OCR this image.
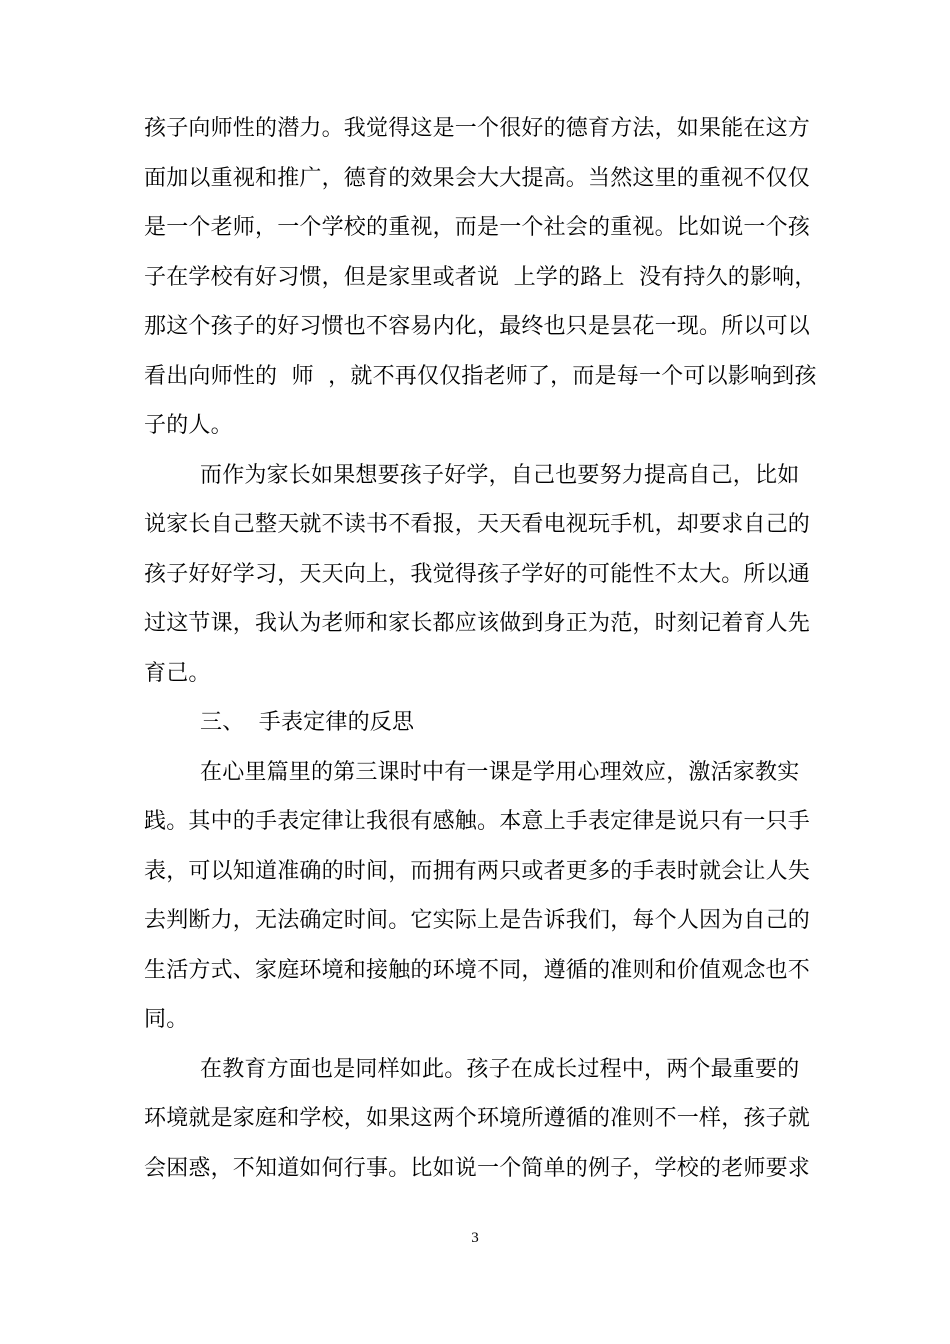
孩子向师性的潜力。我觉得这是一个很好的德育方法，如果能在这方
面加以重视和推广，德育的效果会大大提高。当然这里的重视不仅仅
是一个老师，一个学校的重视，而是一个社会的重视。比如说一个孩
子在学校有好习惯，但是家里或者说  上学的路上  没有持久的影响，
那这个孩子的好习惯也不容易内化，最终也只是昙花一现。所以可以
看出向师性的  师  ，就不再仅仅指老师了，而是每一个可以影响到孩
子的人。
而作为家长如果想要孩子好学，自己也要努力提高自己，比如
说家长自己整天就不读书不看报，天天看电视玩手机，却要求自己的
孩子好好学习，天天向上，我觉得孩子学好的可能性不太大。所以通
过这节课，我认为老师和家长都应该做到身正为范，时刻记着育人先
育己。
三、  手表定律的反思
在心里篇里的第三课时中有一课是学用心理效应，激活家教实
践。其中的手表定律让我很有感触。本意上手表定律是说只有一只手
表，可以知道准确的时间，而拥有两只或者更多的手表时就会让人失
去判断力，无法确定时间。它实际上是告诉我们，每个人因为自己的
生活方式、家庭环境和接触的环境不同，遵循的准则和价值观念也不
同。
在教育方面也是同样如此。孩子在成长过程中，两个最重要的
环境就是家庭和学校，如果这两个环境所遵循的准则不一样，孩子就
会困惑，不知道如何行事。比如说一个简单的例子，学校的老师要求
3
